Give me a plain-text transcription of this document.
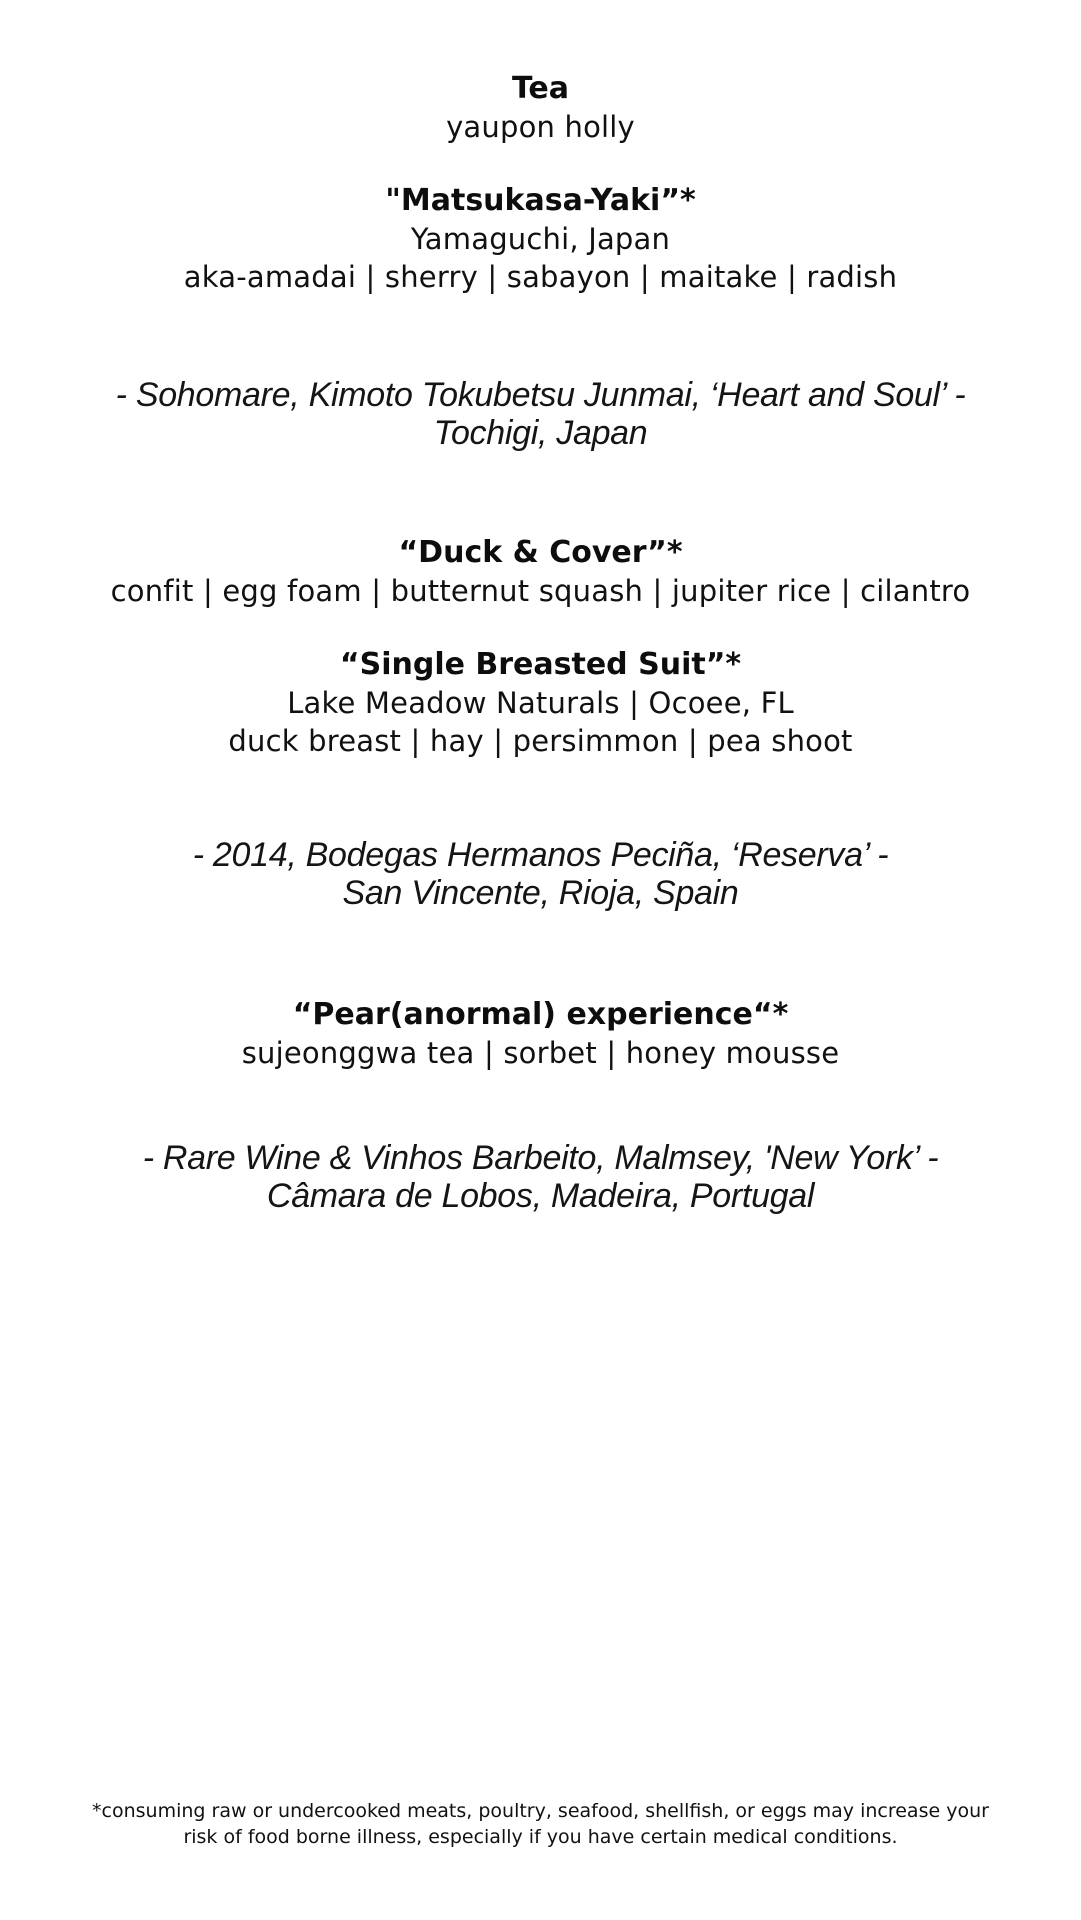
Tea

yaupon holly

"Matsukasa-Yaki”*

Yamaguchi, Japan

aka-amadai | sherry | sabayon | maitake | radish

- Sohomare, Kimoto Tokubetsu Junmai, ‘Heart and Soul’ -

Tochigi, Japan

“Duck & Cover”*

confit | egg foam | butternut squash | jupiter rice | cilantro

“Single Breasted Suit”*

Lake Meadow Naturals | Ocoee, FL

duck breast | hay | persimmon | pea shoot

- 2014, Bodegas Hermanos Peciña, ‘Reserva’ -

San Vincente, Rioja, Spain

“Pear(anormal) experience“*

sujeonggwa tea | sorbet | honey mousse

- Rare Wine & Vinhos Barbeito, Malmsey, 'New York’ -

Câmara de Lobos, Madeira, Portugal

*consuming raw or undercooked meats, poultry, seafood, shellfish, or eggs may increase your

risk of food borne illness, especially if you have certain medical conditions.
